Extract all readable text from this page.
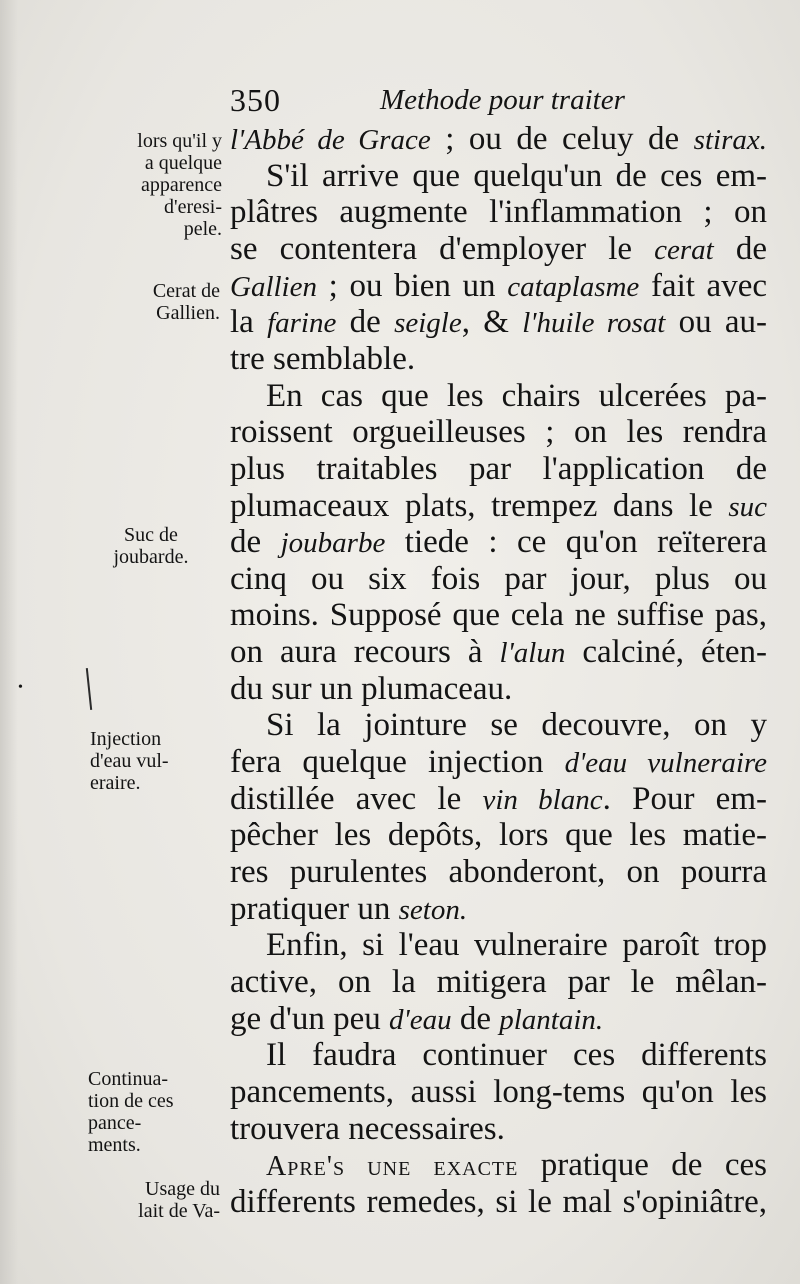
350	Methode pour traiter
lors qu'il y
a quelque
apparence
d'eresi-
pele.
Cerat de
Gallien.
Suc de
joubarde.
Injection
d'eau vul-
eraire.
Continua-
tion de ces
pance-
ments.
Usage du
lait de Va-
•
l'Abbé de Grace ; ou de celuy de stirax.
S'il arrive que quelqu'un de ces em-
plâtres augmente l'inflammation ; on
se contentera d'employer le cerat de
Gallien ; ou bien un cataplasme fait avec
la farine de seigle, & l'huile rosat ou au-
tre semblable.
En cas que les chairs ulcerées pa-
roissent orgueilleuses ; on les rendra
plus traitables par l'application de
plumaceaux plats, trempez dans le suc
de joubarbe tiede : ce qu'on reïterera
cinq ou six fois par jour, plus ou
moins. Supposé que cela ne suffise pas,
on aura recours à l'alun calciné, éten-
du sur un plumaceau.
Si la jointure se decouvre, on y
fera quelque injection d'eau vulneraire
distillée avec le vin blanc. Pour em-
pêcher les depôts, lors que les matie-
res purulentes abonderont, on pourra
pratiquer un seton.
Enfin, si l'eau vulneraire paroît trop
active, on la mitigera par le mêlan-
ge d'un peu d'eau de plantain.
Il faudra continuer ces differents
pancements, aussi long-tems qu'on les
trouvera necessaires.
Apre's une exacte pratique de ces
differents remedes, si le mal s'opiniâtre,
